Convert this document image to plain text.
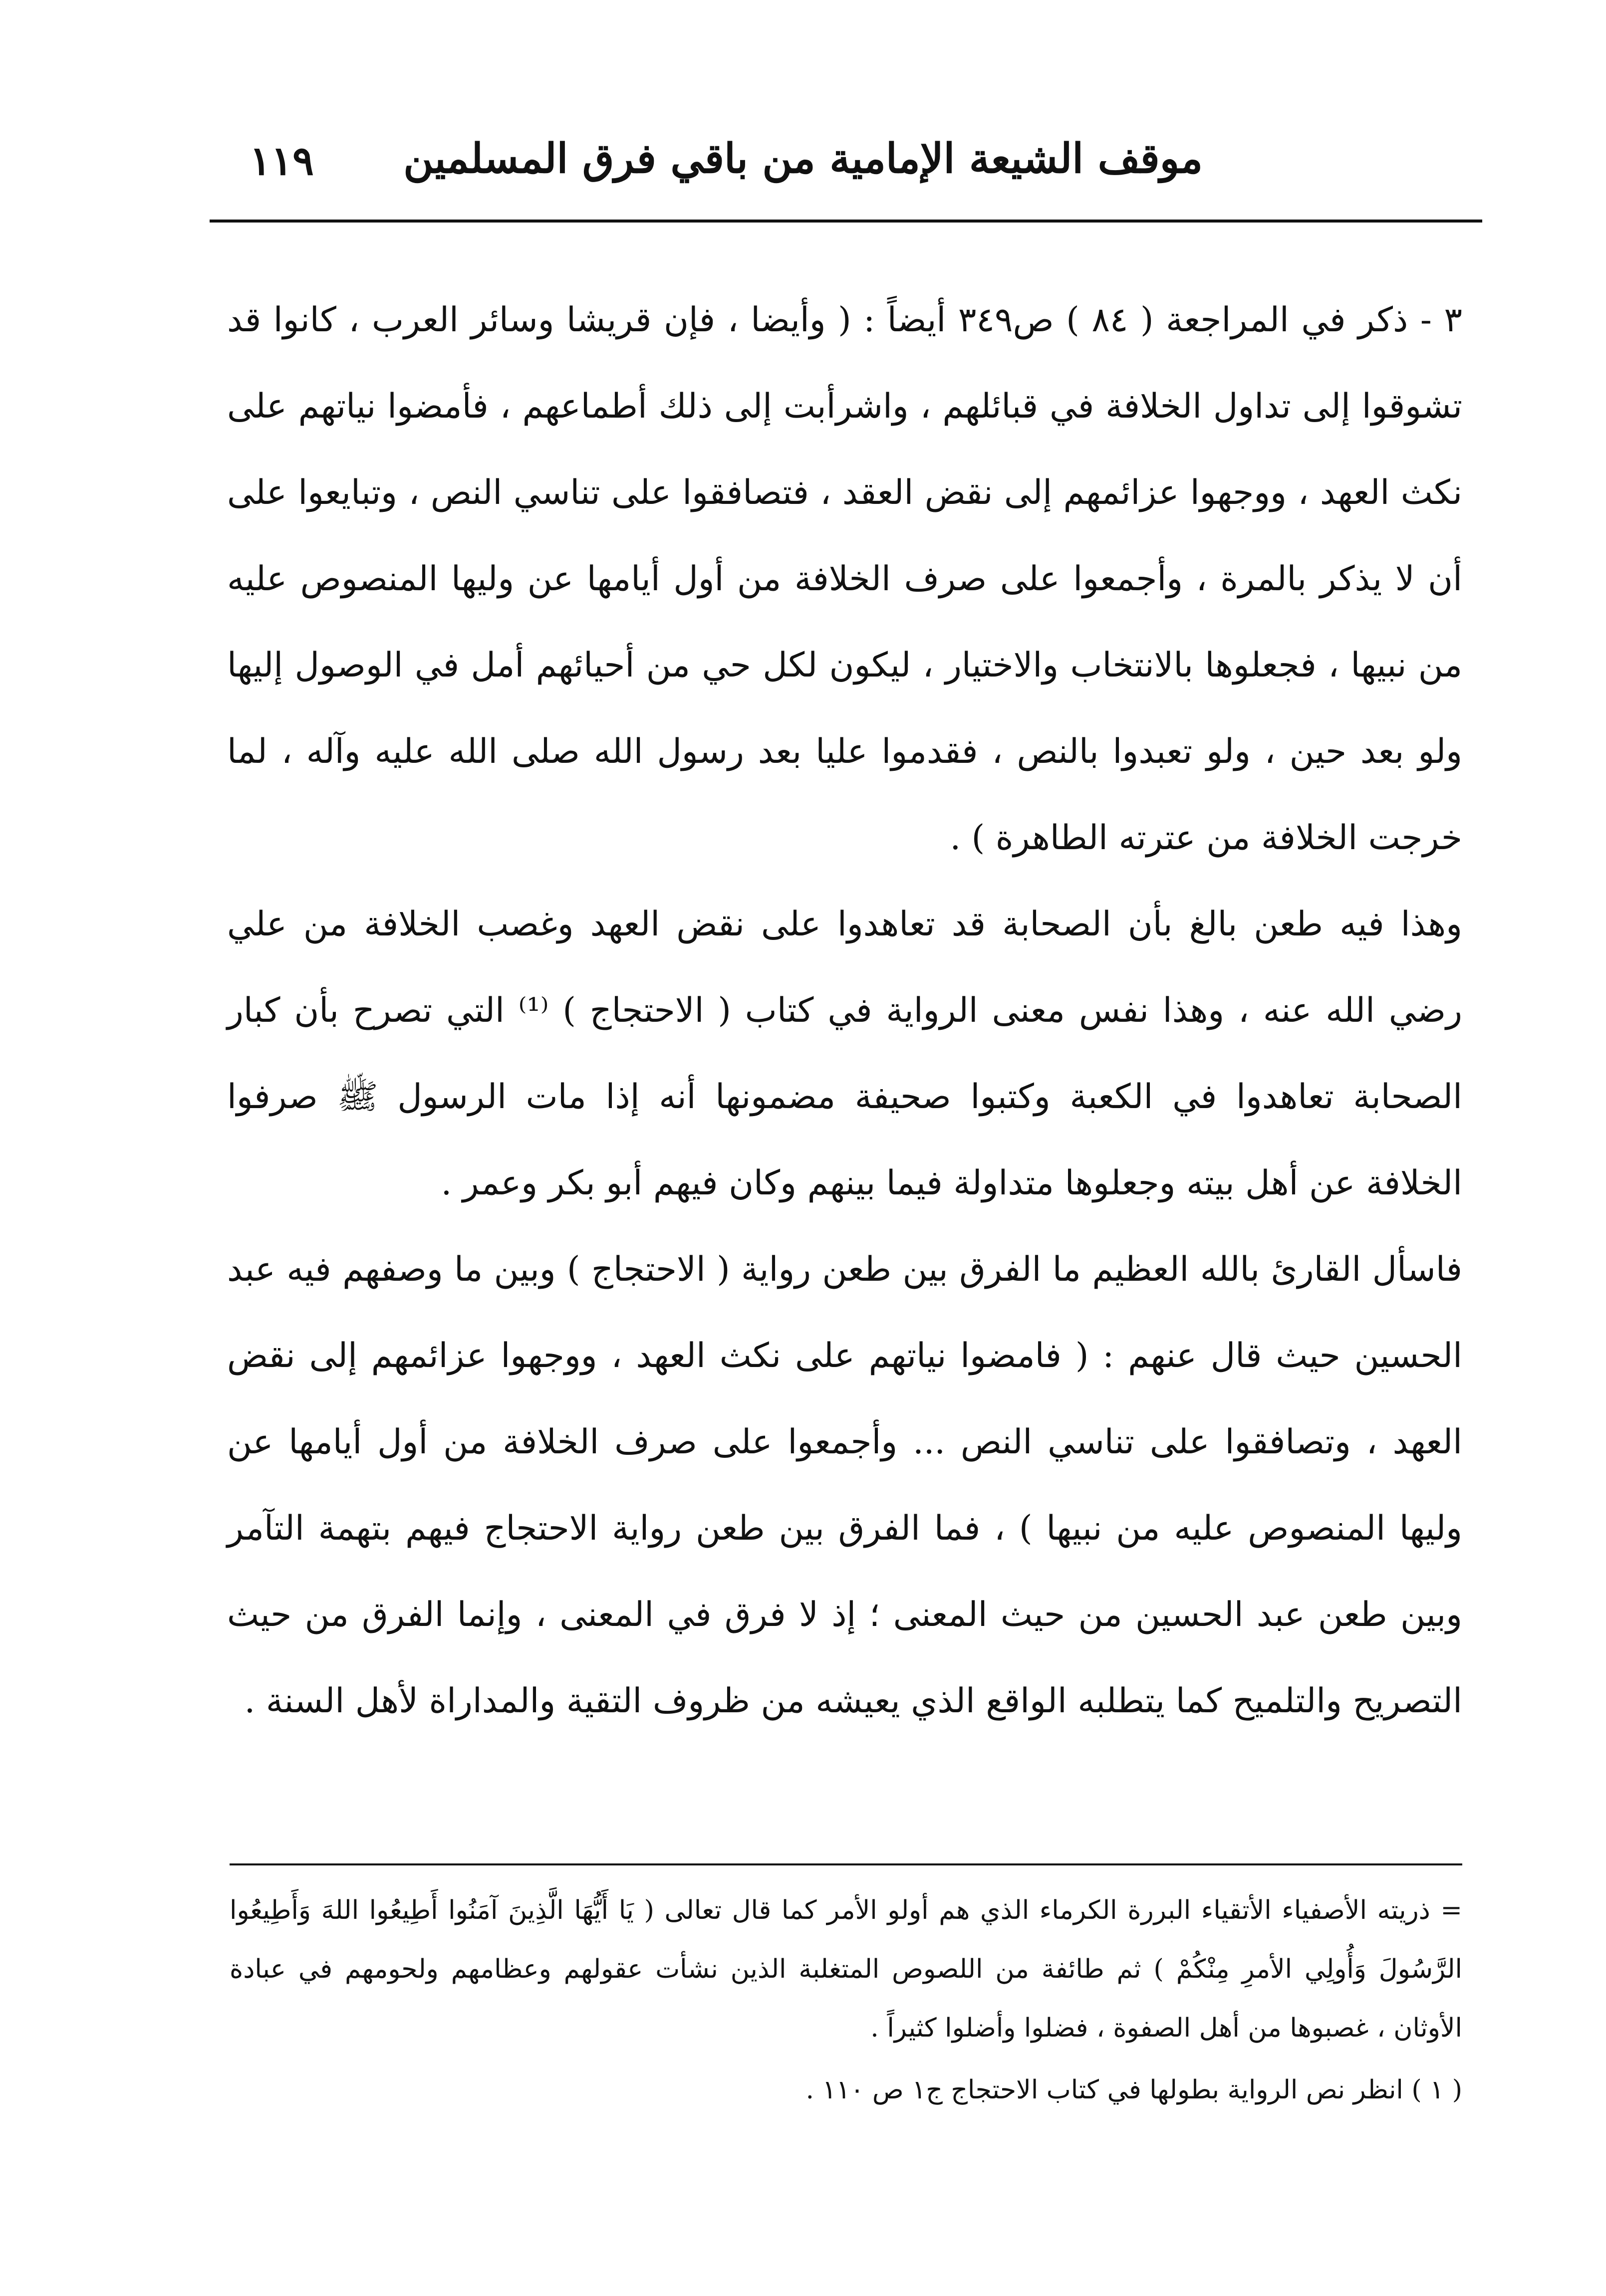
موقف الشيعة الإمامية من باقي فرق المسلمين
١١٩

٣ - ذكر في المراجعة ( ٨٤ ) ص٣٤٩ أيضاً : ( وأيضا ، فإن قريشا وسائر العرب ، كانوا قد تشوقوا إلى تداول الخلافة في قبائلهم ، واشرأبت إلى ذلك أطماعهم ، فأمضوا نياتهم على نكث العهد ، ووجهوا عزائمهم إلى نقض العقد ، فتصافقوا على تناسي النص ، وتبايعوا على أن لا يذكر بالمرة ، وأجمعوا على صرف الخلافة من أول أيامها عن وليها المنصوص عليه من نبيها ، فجعلوها بالانتخاب والاختيار ، ليكون لكل حي من أحيائهم أمل في الوصول إليها ولو بعد حين ، ولو تعبدوا بالنص ، فقدموا عليا بعد رسول الله صلى الله عليه وآله ، لما خرجت الخلافة من عترته الطاهرة ) .

وهذا فيه طعن بالغ بأن الصحابة قد تعاهدوا على نقض العهد وغصب الخلافة من علي رضي الله عنه ، وهذا نفس معنى الرواية في كتاب ( الاحتجاج ) ⁽¹⁾ التي تصرح بأن كبار الصحابة تعاهدوا في الكعبة وكتبوا صحيفة مضمونها أنه إذا مات الرسول ﷺ صرفوا الخلافة عن أهل بيته وجعلوها متداولة فيما بينهم وكان فيهم أبو بكر وعمر .

فاسأل القارئ بالله العظيم ما الفرق بين طعن رواية ( الاحتجاج ) وبين ما وصفهم فيه عبد الحسين حيث قال عنهم : ( فامضوا نياتهم على نكث العهد ، ووجهوا عزائمهم إلى نقض العهد ، وتصافقوا على تناسي النص ... وأجمعوا على صرف الخلافة من أول أيامها عن وليها المنصوص عليه من نبيها ) ، فما الفرق بين طعن رواية الاحتجاج فيهم بتهمة التآمر وبين طعن عبد الحسين من حيث المعنى ؛ إذ لا فرق في المعنى ، وإنما الفرق من حيث التصريح والتلميح كما يتطلبه الواقع الذي يعيشه من ظروف التقية والمداراة لأهل السنة .

= ذريته الأصفياء الأتقياء البررة الكرماء الذي هم أولو الأمر كما قال تعالى ( يَا أَيُّهَا الَّذِينَ آمَنُوا أَطِيعُوا اللهَ وَأَطِيعُوا الرَّسُولَ وَأُولِي الأمرِ مِنْكُمْ ) ثم طائفة من اللصوص المتغلبة الذين نشأت عقولهم وعظامهم ولحومهم في عبادة الأوثان ، غصبوها من أهل الصفوة ، فضلوا وأضلوا كثيراً .

( ١ ) انظر نص الرواية بطولها في كتاب الاحتجاج ج١ ص ١١٠ .
